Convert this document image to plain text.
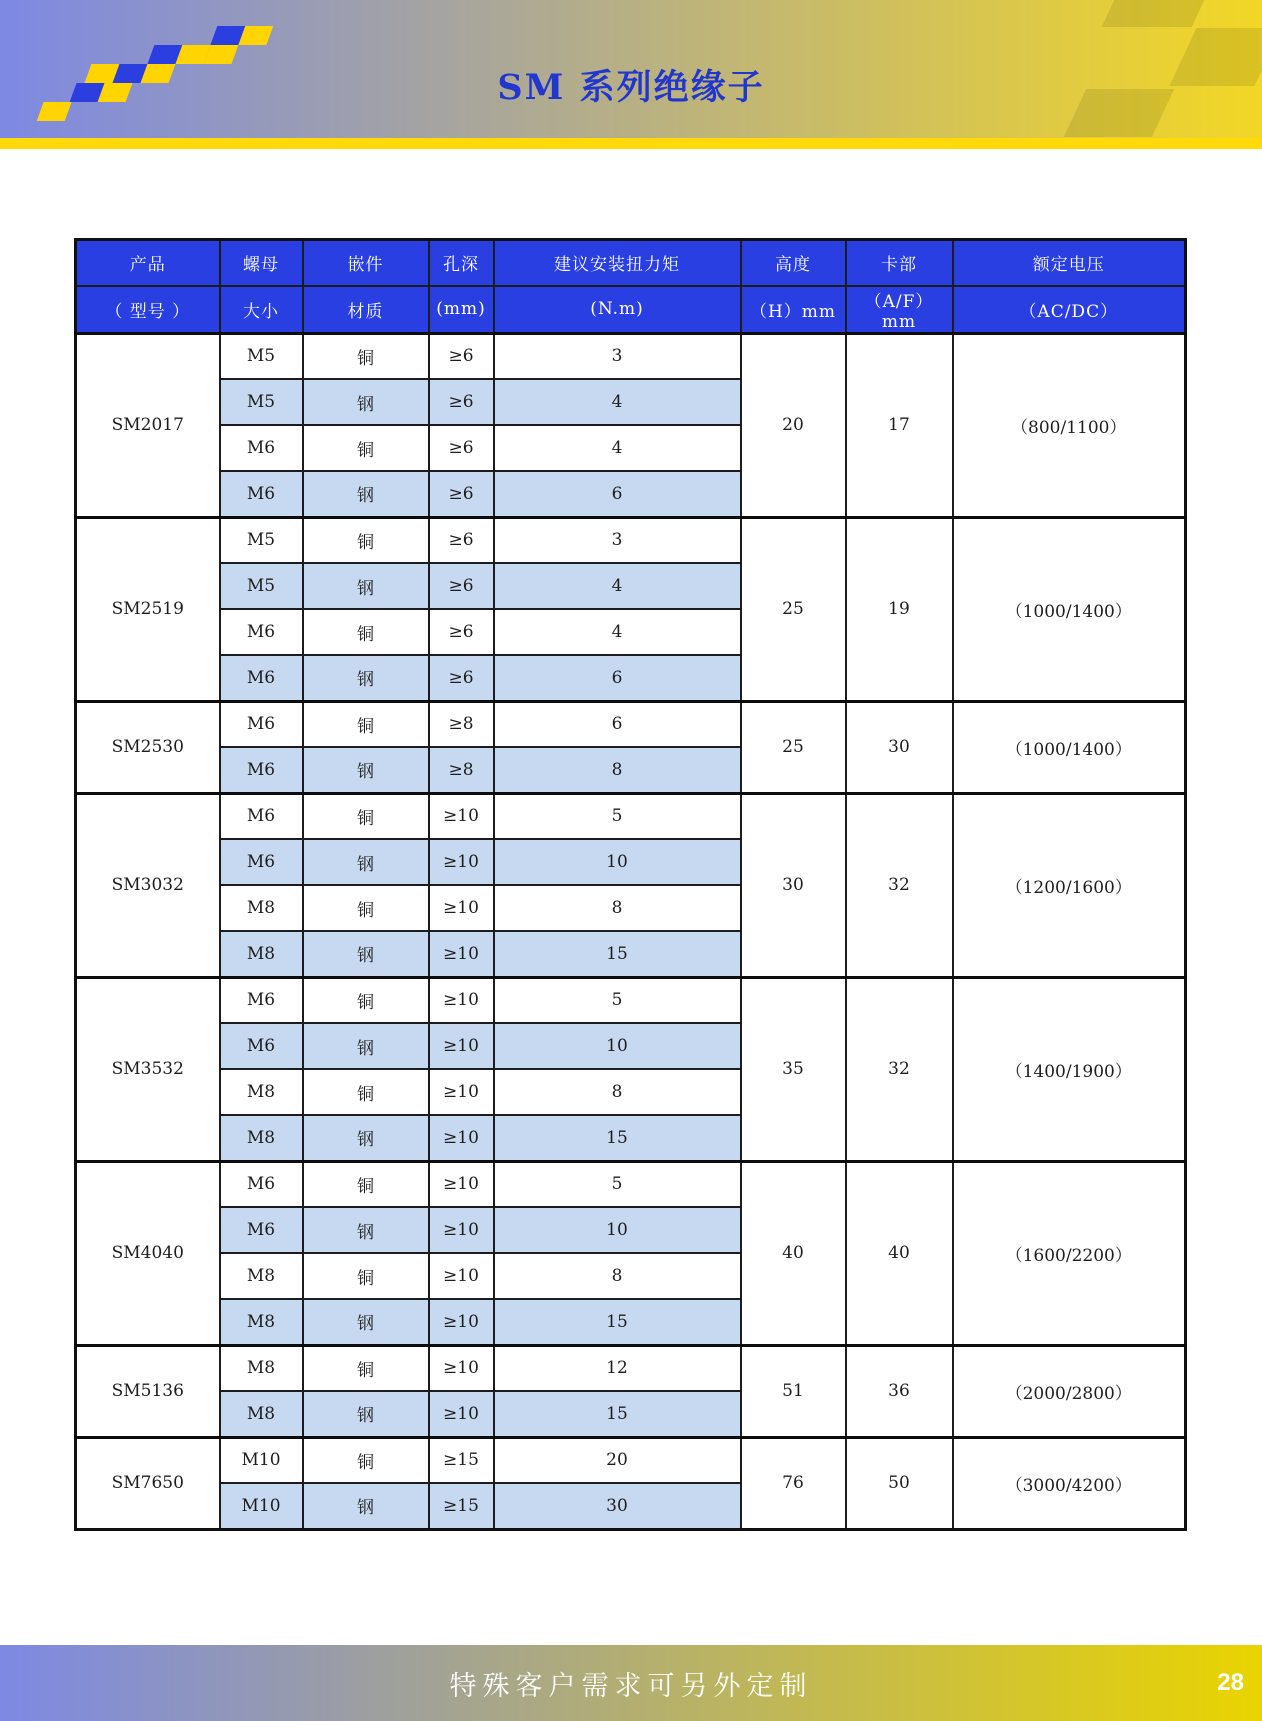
SM 系列绝缘子
产品	螺母	嵌件	孔深	建议安装扭力矩	高度	卡部	额定电压
（ 型号 ）	大小	材质	(mm)	(N.m)	（H）mm	（A/F）mm	（AC/DC）
SM2017	M5	铜	≥6	3	20	17	（800/1100）
	M5	钢	≥6	4			
	M6	铜	≥6	4			
	M6	钢	≥6	6			
SM2519	M5	铜	≥6	3	25	19	（1000/1400）
	M5	钢	≥6	4			
	M6	铜	≥6	4			
	M6	钢	≥6	6			
SM2530	M6	铜	≥8	6	25	30	（1000/1400）
	M6	钢	≥8	8			
SM3032	M6	铜	≥10	5	30	32	（1200/1600）
	M6	钢	≥10	10			
	M8	铜	≥10	8			
	M8	钢	≥10	15			
SM3532	M6	铜	≥10	5	35	32	（1400/1900）
	M6	钢	≥10	10			
	M8	铜	≥10	8			
	M8	钢	≥10	15			
SM4040	M6	铜	≥10	5	40	40	（1600/2200）
	M6	钢	≥10	10			
	M8	铜	≥10	8			
	M8	钢	≥10	15			
SM5136	M8	铜	≥10	12	51	36	（2000/2800）
	M8	钢	≥10	15			
SM7650	M10	铜	≥15	20	76	50	（3000/4200）
	M10	钢	≥15	30			
特殊客户需求可另外定制	28
